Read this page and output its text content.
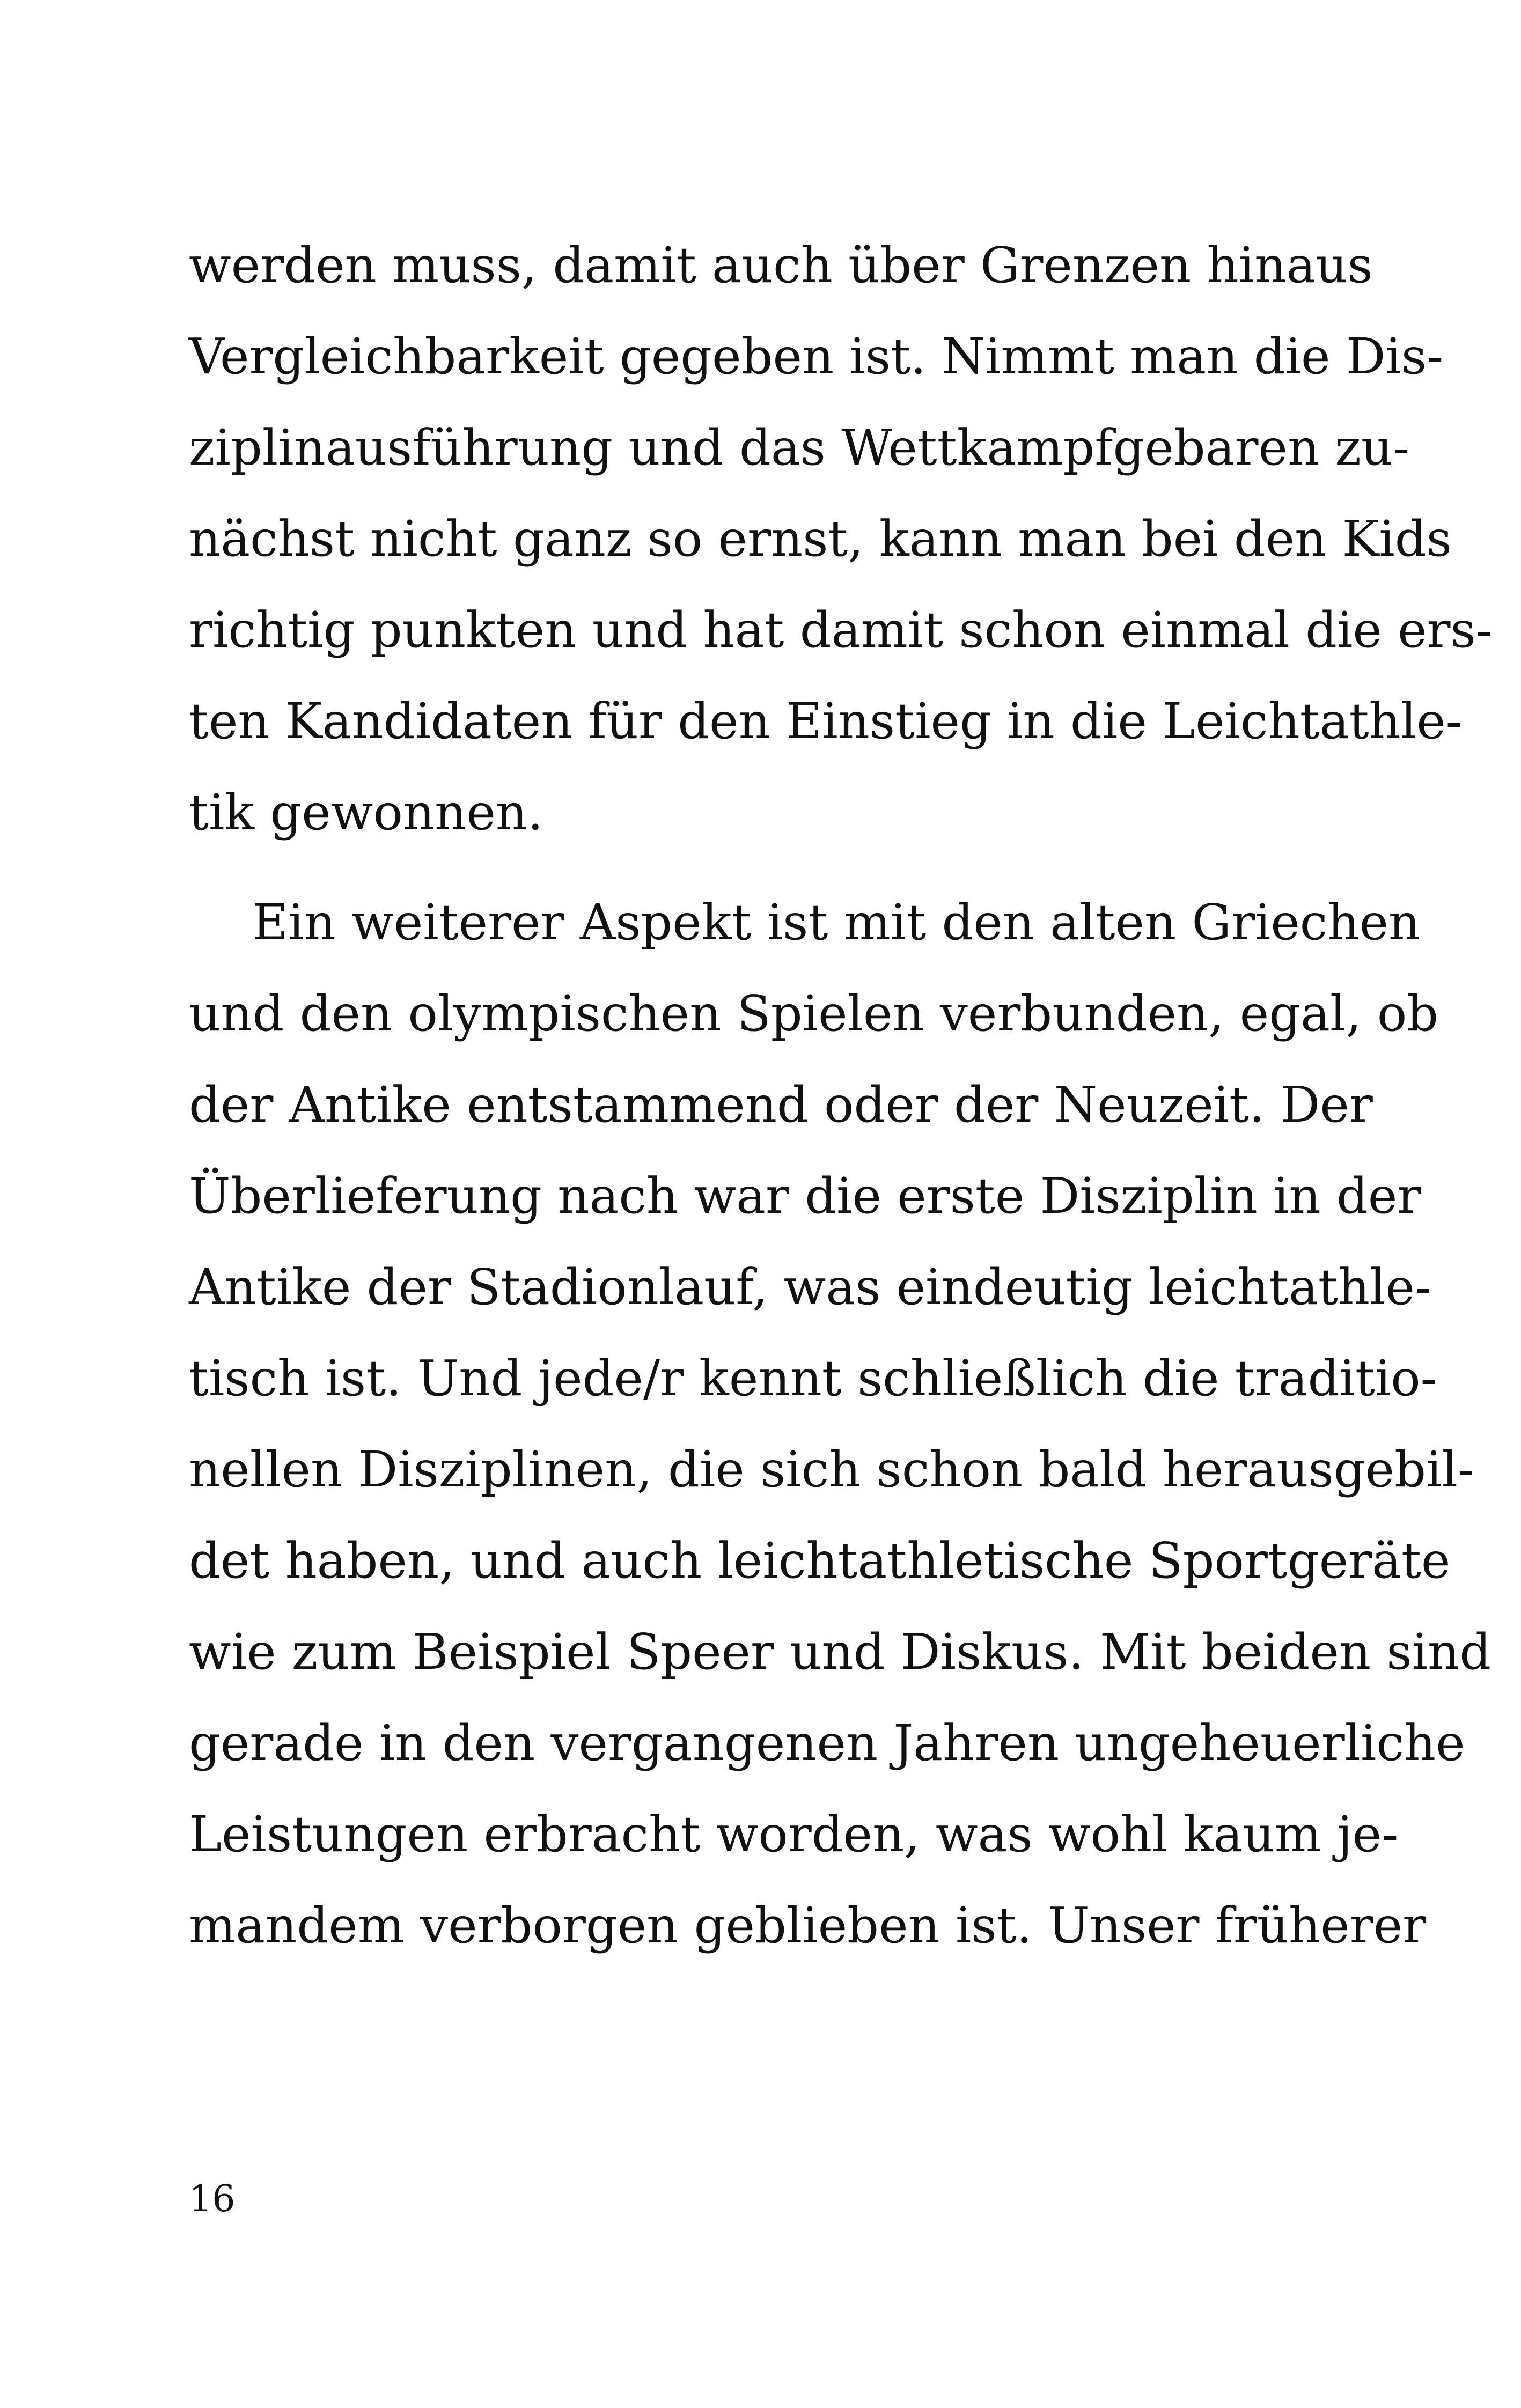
werden muss, damit auch über Grenzen hinaus
Vergleichbarkeit gegeben ist. Nimmt man die Dis-
ziplinausführung und das Wettkampfgebaren zu-
nächst nicht ganz so ernst, kann man bei den Kids
richtig punkten und hat damit schon einmal die ers-
ten Kandidaten für den Einstieg in die Leichtathle-
tik gewonnen.
Ein weiterer Aspekt ist mit den alten Griechen
und den olympischen Spielen verbunden, egal, ob
der Antike entstammend oder der Neuzeit. Der
Überlieferung nach war die erste Disziplin in der
Antike der Stadionlauf, was eindeutig leichtathle-
tisch ist. Und jede/r kennt schließlich die traditio-
nellen Disziplinen, die sich schon bald herausgebil-
det haben, und auch leichtathletische Sportgeräte
wie zum Beispiel Speer und Diskus. Mit beiden sind
gerade in den vergangenen Jahren ungeheuerliche
Leistungen erbracht worden, was wohl kaum je-
mandem verborgen geblieben ist. Unser früherer
16
